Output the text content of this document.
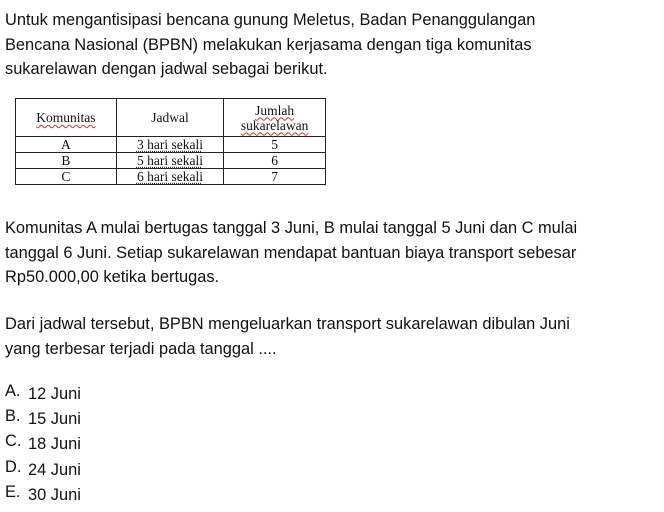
Untuk mengantisipasi bencana gunung Meletus, Badan Penanggulangan
Bencana Nasional (BPBN) melakukan kerjasama dengan tiga komunitas
sukarelawan dengan jadwal sebagai berikut.

Komunitas	Jadwal	Jumlah
sukarelawan
A	3 hari sekali	5
B	5 hari sekali	6
C	6 hari sekali	7

Komunitas A mulai bertugas tanggal 3 Juni, B mulai tanggal 5 Juni dan C mulai
tanggal 6 Juni. Setiap sukarelawan mendapat bantuan biaya transport sebesar
Rp50.000,00 ketika bertugas.

Dari jadwal tersebut, BPBN mengeluarkan transport sukarelawan dibulan Juni
yang terbesar terjadi pada tanggal ....

A. 12 Juni
B. 15 Juni
C. 18 Juni
D. 24 Juni
E. 30 Juni
